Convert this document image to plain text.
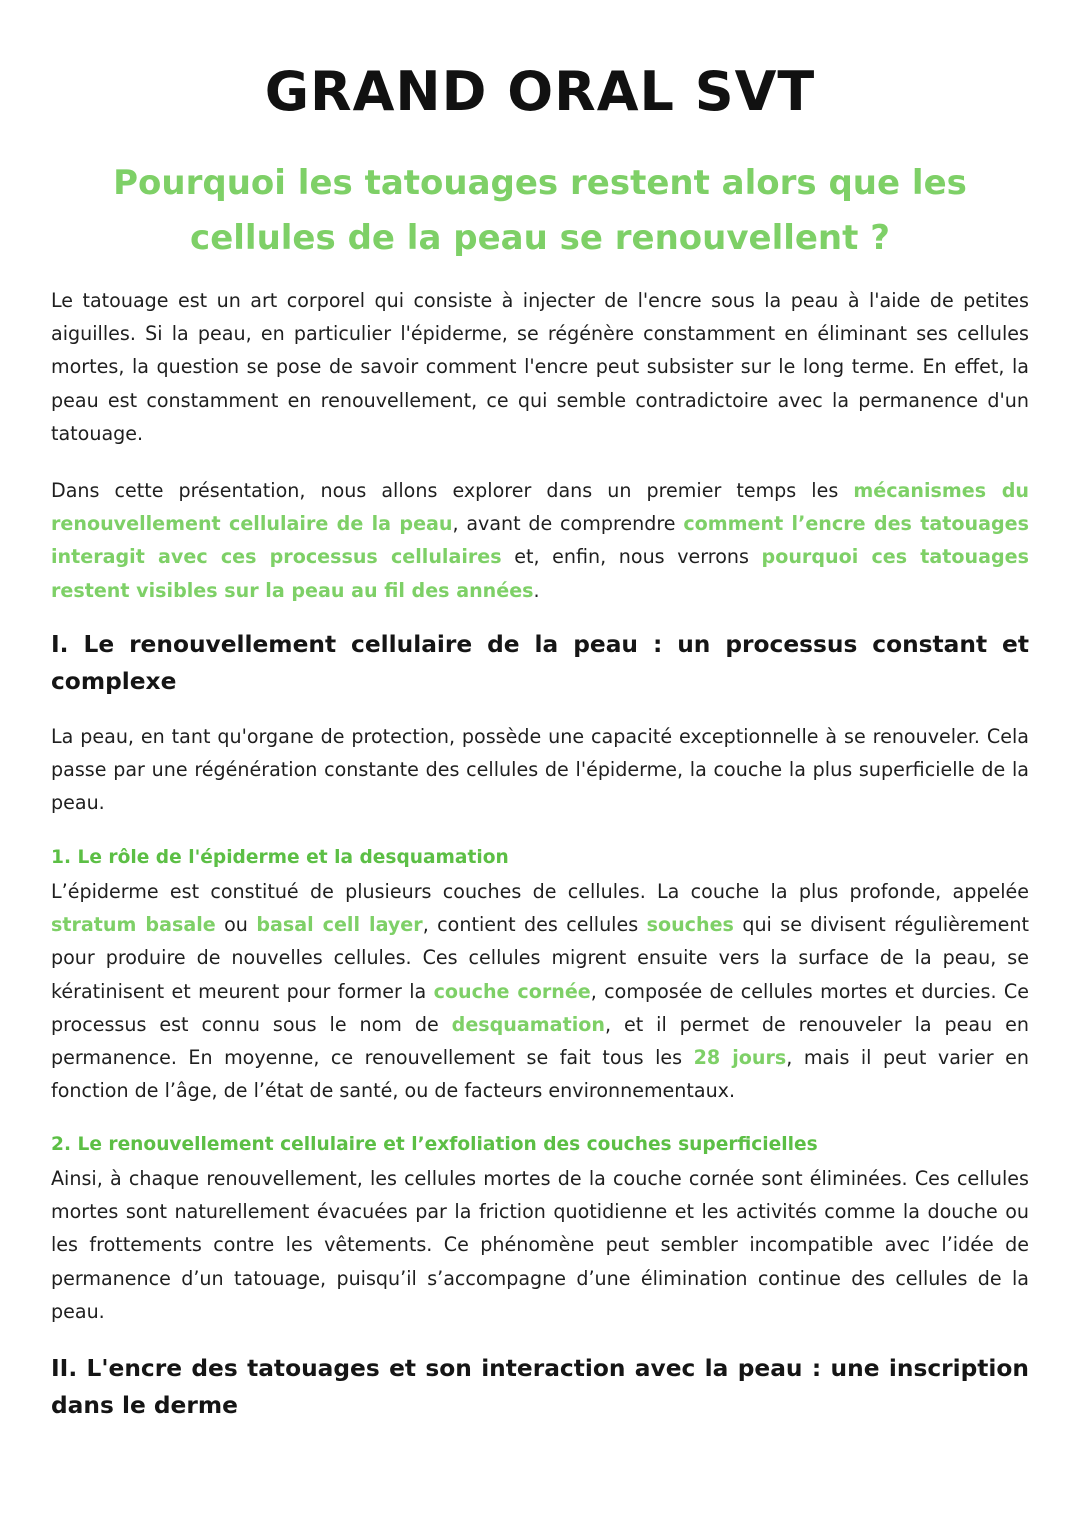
GRAND ORAL SVT
Pourquoi les tatouages restent alors que les
cellules de la peau se renouvellent ?

Le tatouage est un art corporel qui consiste à injecter de l'encre sous la peau à l'aide de petites aiguilles. Si la peau, en particulier l'épiderme, se régénère constamment en éliminant ses cellules mortes, la question se pose de savoir comment l'encre peut subsister sur le long terme. En effet, la peau est constamment en renouvellement, ce qui semble contradictoire avec la permanence d'un tatouage.

Dans cette présentation, nous allons explorer dans un premier temps les mécanismes du renouvellement cellulaire de la peau, avant de comprendre comment l’encre des tatouages interagit avec ces processus cellulaires et, enfin, nous verrons pourquoi ces tatouages restent visibles sur la peau au fil des années.

I. Le renouvellement cellulaire de la peau : un processus constant et complexe

La peau, en tant qu'organe de protection, possède une capacité exceptionnelle à se renouveler. Cela passe par une régénération constante des cellules de l'épiderme, la couche la plus superficielle de la peau.

1. Le rôle de l'épiderme et la desquamation

L’épiderme est constitué de plusieurs couches de cellules. La couche la plus profonde, appelée stratum basale ou basal cell layer, contient des cellules souches qui se divisent régulièrement pour produire de nouvelles cellules. Ces cellules migrent ensuite vers la surface de la peau, se kératinisent et meurent pour former la couche cornée, composée de cellules mortes et durcies. Ce processus est connu sous le nom de desquamation, et il permet de renouveler la peau en permanence. En moyenne, ce renouvellement se fait tous les 28 jours, mais il peut varier en fonction de l’âge, de l’état de santé, ou de facteurs environnementaux.

2. Le renouvellement cellulaire et l’exfoliation des couches superficielles

Ainsi, à chaque renouvellement, les cellules mortes de la couche cornée sont éliminées. Ces cellules mortes sont naturellement évacuées par la friction quotidienne et les activités comme la douche ou les frottements contre les vêtements. Ce phénomène peut sembler incompatible avec l’idée de permanence d’un tatouage, puisqu’il s’accompagne d’une élimination continue des cellules de la peau.

II. L'encre des tatouages et son interaction avec la peau : une inscription dans le derme
